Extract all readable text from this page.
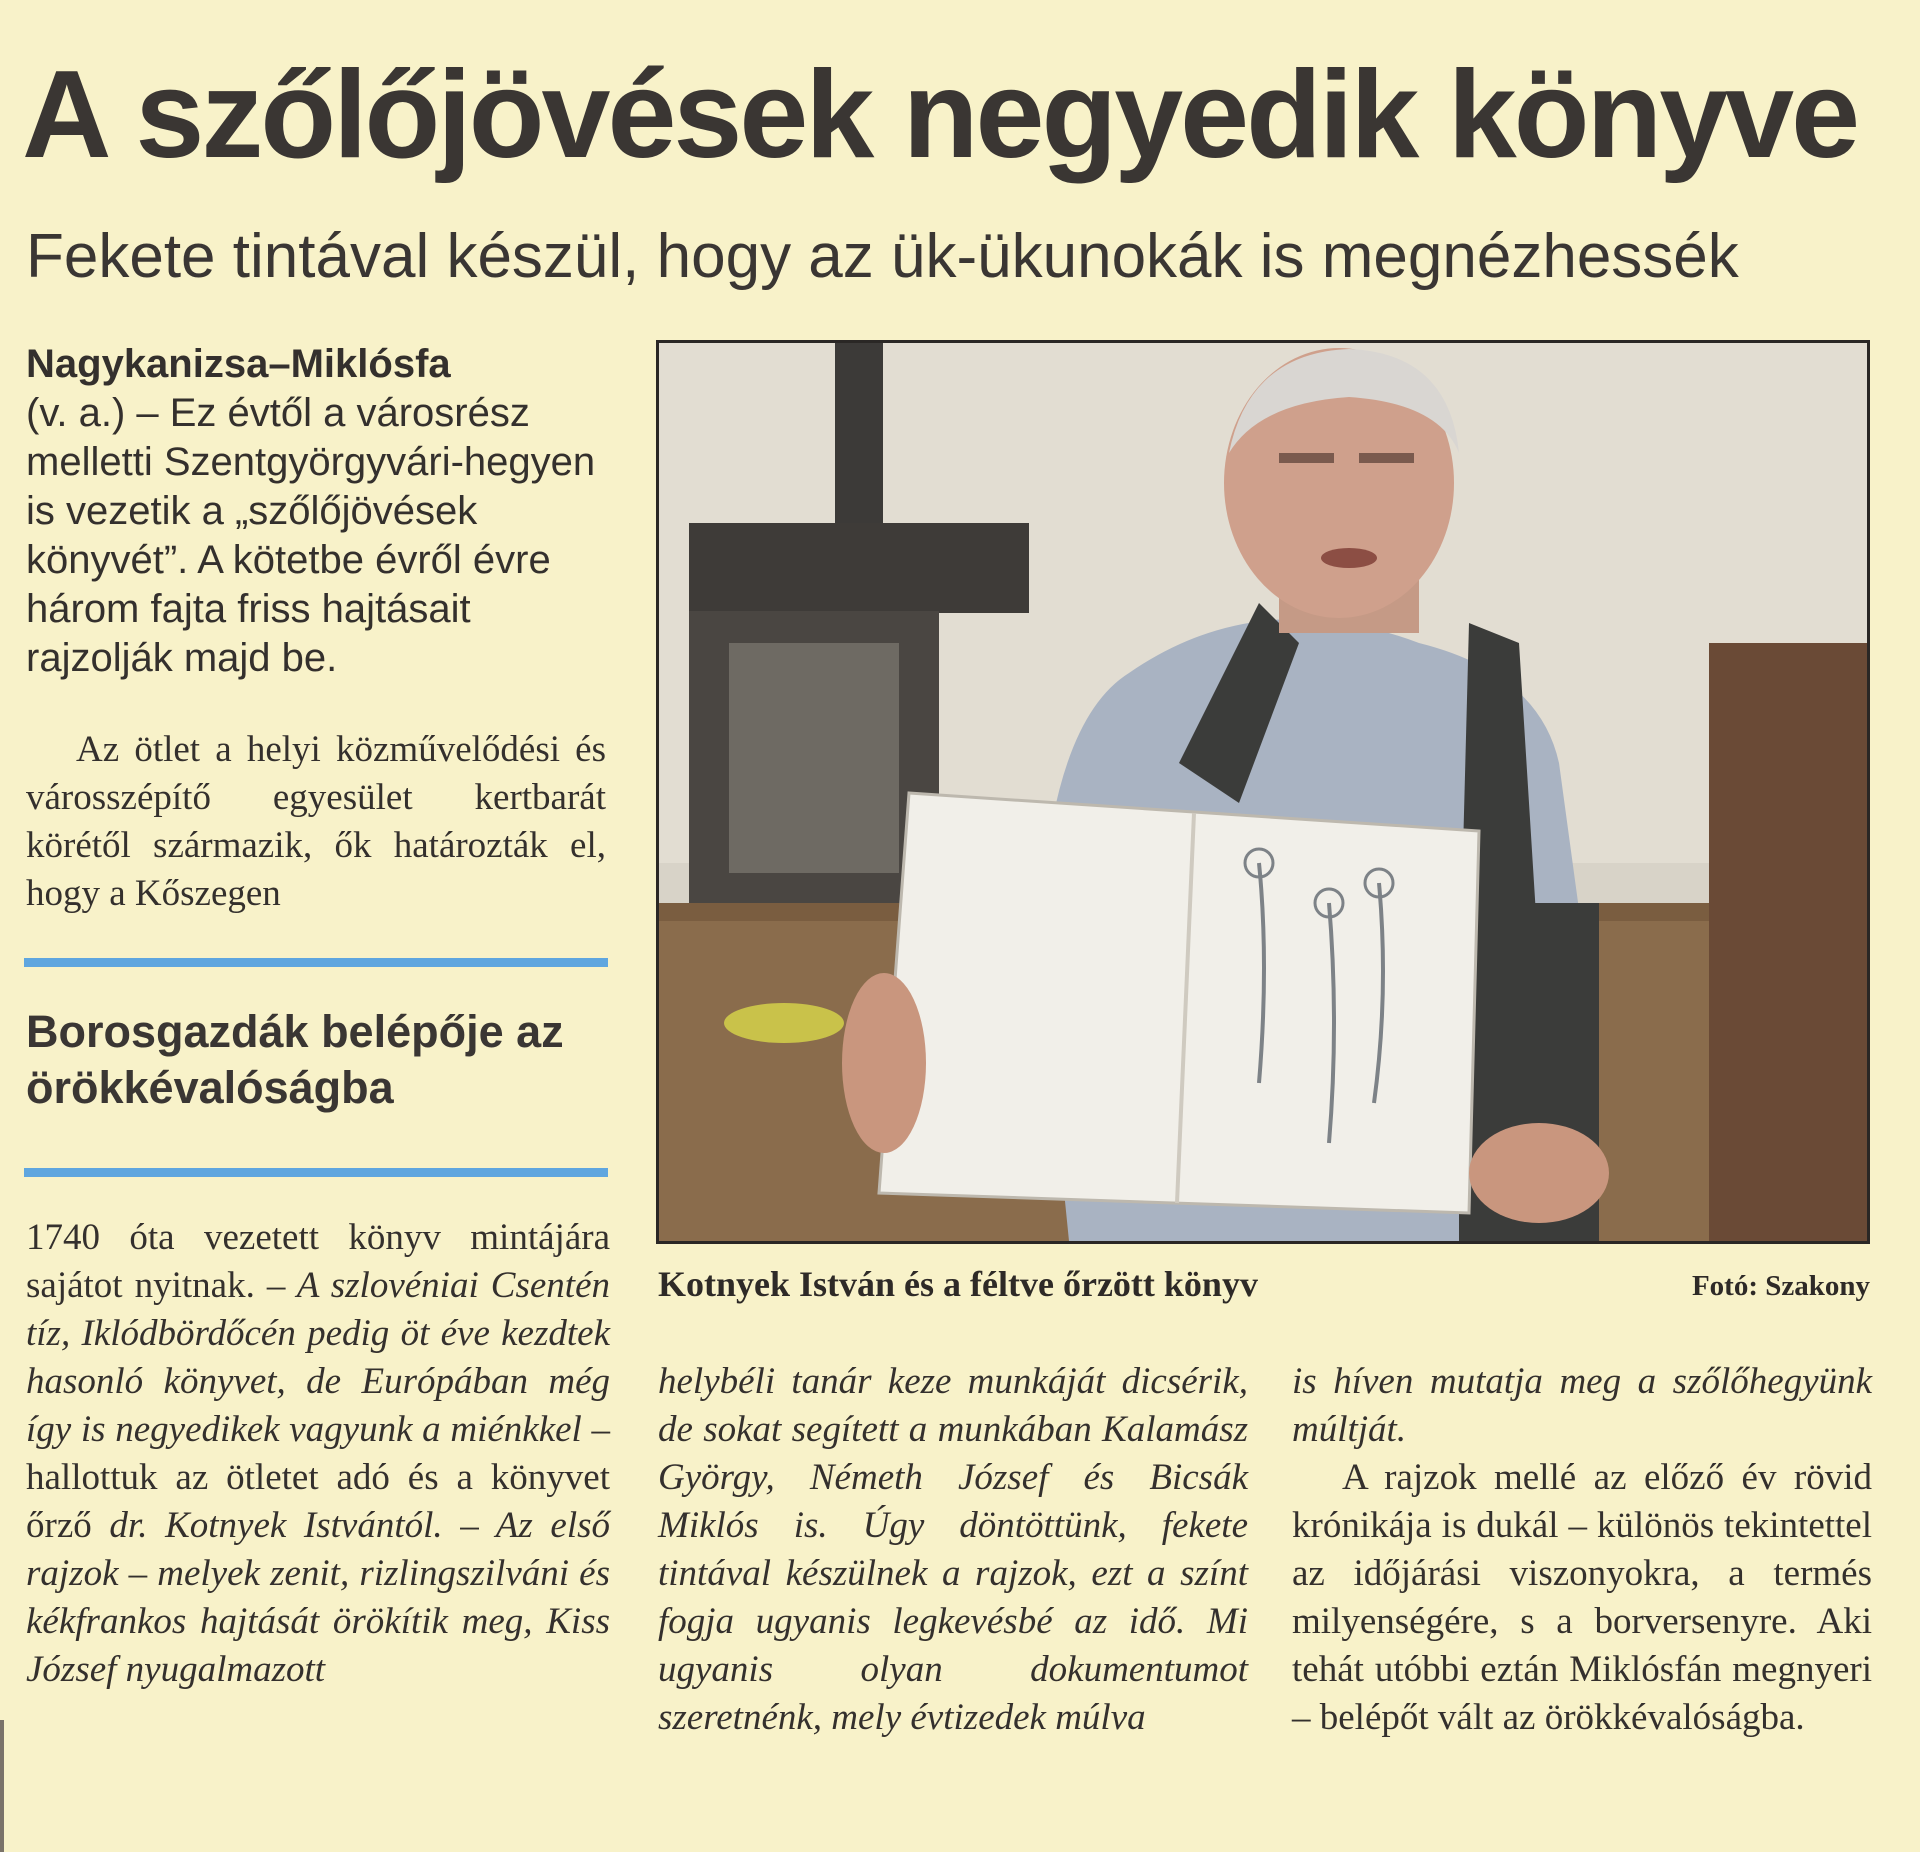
A szőlőjövések negyedik könyve
Fekete tintával készül, hogy az ük-ükunokák is megnézhessék
Nagykanizsa–Miklósfa
(v. a.) – Ez évtől a városrész melletti Szentgyörgyvári-hegyen is vezetik a „szőlőjövések könyvét”. A kötetbe évről évre három fajta friss hajtásait rajzolják majd be.
Az ötlet a helyi közművelődési és városszépítő egyesület kertbarát körétől származik, ők határozták el, hogy a Kőszegen
Borosgazdák belépője az örökkévalóságba
1740 óta vezetett könyv mintájára sajátot nyitnak. – A szlovéniai Csentén tíz, Iklódbördőcén pedig öt éve kezdtek hasonló könyvet, de Európában még így is negyedikek vagyunk a miénkkel – hallottuk az ötletet adó és a könyvet őrző dr. Kotnyek Istvántól. – Az első rajzok – melyek zenit, rizlingszilváni és kékfrankos hajtását örökítik meg, Kiss József nyugalmazott
Kotnyek István és a féltve őrzött könyv	Fotó: Szakony
helybéli tanár keze munkáját dicsérik, de sokat segített a munkában Kalamász György, Németh József és Bicsák Miklós is. Úgy döntöttünk, fekete tintával készülnek a rajzok, ezt a színt fogja ugyanis legkevésbé az idő. Mi ugyanis olyan dokumentumot szeretnénk, mely évtizedek múlva
is híven mutatja meg a szőlőhegyünk múltját.
A rajzok mellé az előző év rövid krónikája is dukál – különös tekintettel az időjárási viszonyokra, a termés milyenségére, s a borversenyre. Aki tehát utóbbi eztán Miklósfán megnyeri – belépőt vált az örökkévalóságba.
